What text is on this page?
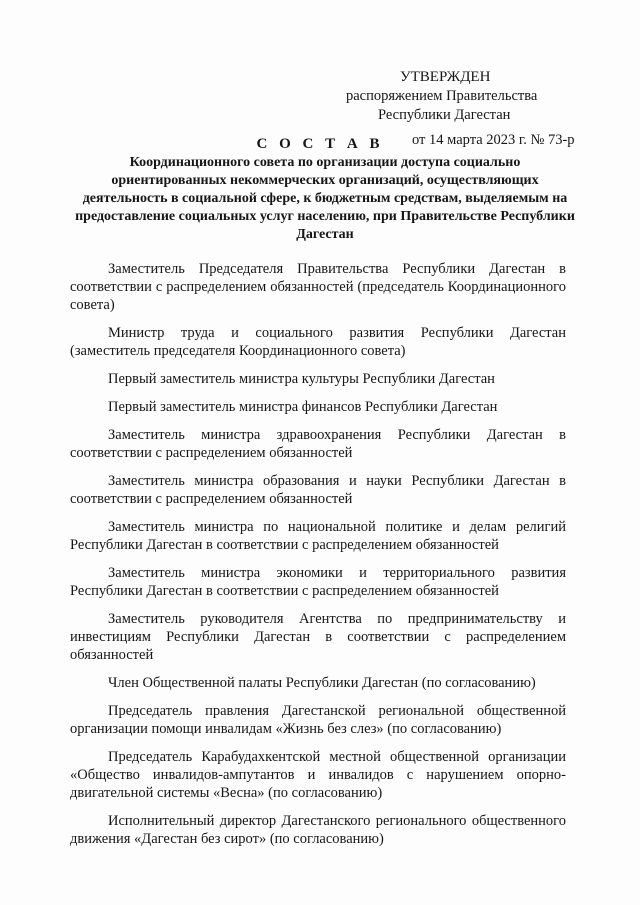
УТВЕРЖДЕН
распоряжением Правительства
Республики Дагестан
от 14 марта 2023 г. № 73-р
С О С Т А В
Координационного совета по организации доступа социально ориентированных некоммерческих организаций, осуществляющих деятельность в социальной сфере, к бюджетным средствам, выделяемым на предоставление социальных услуг населению, при Правительстве Республики Дагестан

Заместитель Председателя Правительства Республики Дагестан в соответствии с распределением обязанностей (председатель Координационного совета)

Министр труда и социального развития Республики Дагестан (заместитель председателя Координационного совета)

Первый заместитель министра культуры Республики Дагестан

Первый заместитель министра финансов Республики Дагестан

Заместитель министра здравоохранения Республики Дагестан в соответствии с распределением обязанностей

Заместитель министра образования и науки Республики Дагестан в соответствии с распределением обязанностей

Заместитель министра по национальной политике и делам религий Республики Дагестан в соответствии с распределением обязанностей

Заместитель министра экономики и территориального развития Республики Дагестан в соответствии с распределением обязанностей

Заместитель руководителя Агентства по предпринимательству и инвестициям Республики Дагестан в соответствии с распределением обязанностей

Член Общественной палаты Республики Дагестан (по согласованию)

Председатель правления Дагестанской региональной общественной организации помощи инвалидам «Жизнь без слез» (по согласованию)

Председатель Карабудахкентской местной общественной организации «Общество инвалидов-ампутантов и инвалидов с нарушением опорно-двигательной системы «Весна» (по согласованию)

Исполнительный директор Дагестанского регионального общественного движения «Дагестан без сирот» (по согласованию)
